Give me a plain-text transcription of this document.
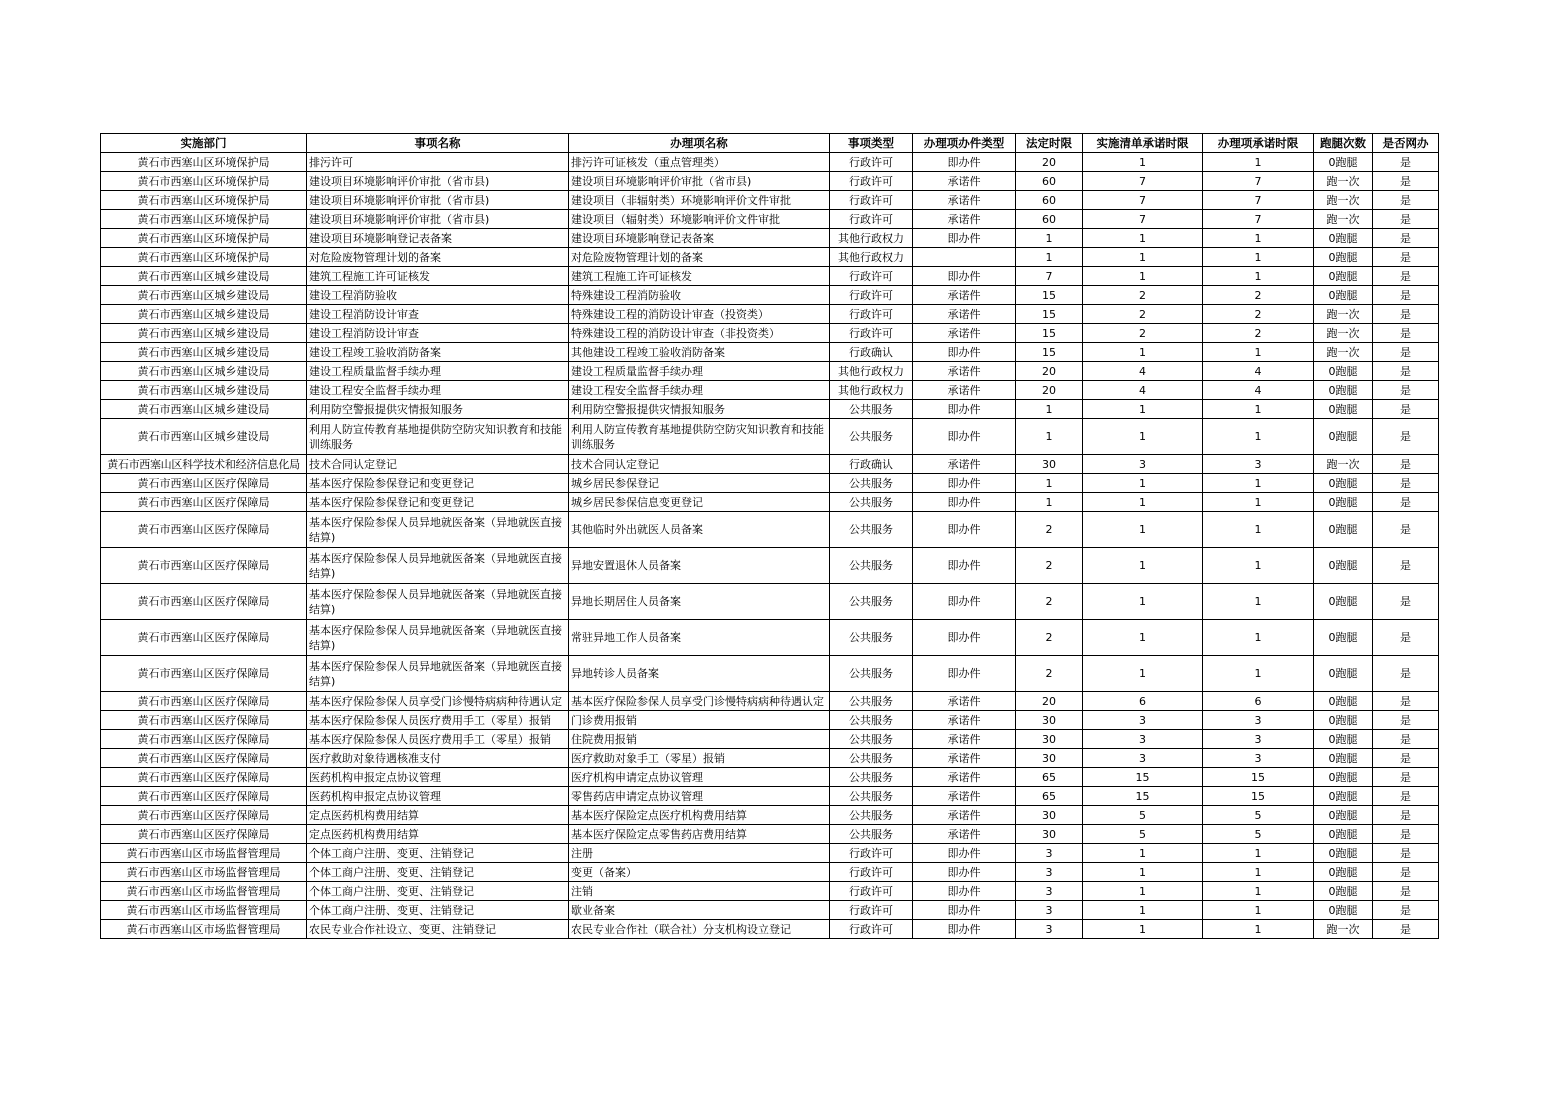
实施部门	事项名称	办理项名称	事项类型	办理项办件类型	法定时限	实施清单承诺时限	办理项承诺时限	跑腿次数	是否网办
黄石市西塞山区环境保护局	排污许可	排污许可证核发（重点管理类）	行政许可	即办件	20	1	1	0跑腿	是
黄石市西塞山区环境保护局	建设项目环境影响评价审批（省市县)	建设项目环境影响评价审批（省市县)	行政许可	承诺件	60	7	7	跑一次	是
黄石市西塞山区环境保护局	建设项目环境影响评价审批（省市县)	建设项目（非辐射类）环境影响评价文件审批	行政许可	承诺件	60	7	7	跑一次	是
黄石市西塞山区环境保护局	建设项目环境影响评价审批（省市县)	建设项目（辐射类）环境影响评价文件审批	行政许可	承诺件	60	7	7	跑一次	是
黄石市西塞山区环境保护局	建设项目环境影响登记表备案	建设项目环境影响登记表备案	其他行政权力	即办件	1	1	1	0跑腿	是
黄石市西塞山区环境保护局	对危险废物管理计划的备案	对危险废物管理计划的备案	其他行政权力		1	1	1	0跑腿	是
黄石市西塞山区城乡建设局	建筑工程施工许可证核发	建筑工程施工许可证核发	行政许可	即办件	7	1	1	0跑腿	是
黄石市西塞山区城乡建设局	建设工程消防验收	特殊建设工程消防验收	行政许可	承诺件	15	2	2	0跑腿	是
黄石市西塞山区城乡建设局	建设工程消防设计审查	特殊建设工程的消防设计审查（投资类）	行政许可	承诺件	15	2	2	跑一次	是
黄石市西塞山区城乡建设局	建设工程消防设计审查	特殊建设工程的消防设计审查（非投资类）	行政许可	承诺件	15	2	2	跑一次	是
黄石市西塞山区城乡建设局	建设工程竣工验收消防备案	其他建设工程竣工验收消防备案	行政确认	即办件	15	1	1	跑一次	是
黄石市西塞山区城乡建设局	建设工程质量监督手续办理	建设工程质量监督手续办理	其他行政权力	承诺件	20	4	4	0跑腿	是
黄石市西塞山区城乡建设局	建设工程安全监督手续办理	建设工程安全监督手续办理	其他行政权力	承诺件	20	4	4	0跑腿	是
黄石市西塞山区城乡建设局	利用防空警报提供灾情报知服务	利用防空警报提供灾情报知服务	公共服务	即办件	1	1	1	0跑腿	是
黄石市西塞山区城乡建设局	利用人防宣传教育基地提供防空防灾知识教育和技能训练服务	利用人防宣传教育基地提供防空防灾知识教育和技能训练服务	公共服务	即办件	1	1	1	0跑腿	是
黄石市西塞山区科学技术和经济信息化局	技术合同认定登记	技术合同认定登记	行政确认	承诺件	30	3	3	跑一次	是
黄石市西塞山区医疗保障局	基本医疗保险参保登记和变更登记	城乡居民参保登记	公共服务	即办件	1	1	1	0跑腿	是
黄石市西塞山区医疗保障局	基本医疗保险参保登记和变更登记	城乡居民参保信息变更登记	公共服务	即办件	1	1	1	0跑腿	是
黄石市西塞山区医疗保障局	基本医疗保险参保人员异地就医备案（异地就医直接结算)	其他临时外出就医人员备案	公共服务	即办件	2	1	1	0跑腿	是
黄石市西塞山区医疗保障局	基本医疗保险参保人员异地就医备案（异地就医直接结算)	异地安置退休人员备案	公共服务	即办件	2	1	1	0跑腿	是
黄石市西塞山区医疗保障局	基本医疗保险参保人员异地就医备案（异地就医直接结算)	异地长期居住人员备案	公共服务	即办件	2	1	1	0跑腿	是
黄石市西塞山区医疗保障局	基本医疗保险参保人员异地就医备案（异地就医直接结算)	常驻异地工作人员备案	公共服务	即办件	2	1	1	0跑腿	是
黄石市西塞山区医疗保障局	基本医疗保险参保人员异地就医备案（异地就医直接结算)	异地转诊人员备案	公共服务	即办件	2	1	1	0跑腿	是
黄石市西塞山区医疗保障局	基本医疗保险参保人员享受门诊慢特病病种待遇认定	基本医疗保险参保人员享受门诊慢特病病种待遇认定	公共服务	承诺件	20	6	6	0跑腿	是
黄石市西塞山区医疗保障局	基本医疗保险参保人员医疗费用手工（零星）报销	门诊费用报销	公共服务	承诺件	30	3	3	0跑腿	是
黄石市西塞山区医疗保障局	基本医疗保险参保人员医疗费用手工（零星）报销	住院费用报销	公共服务	承诺件	30	3	3	0跑腿	是
黄石市西塞山区医疗保障局	医疗救助对象待遇核准支付	医疗救助对象手工（零星）报销	公共服务	承诺件	30	3	3	0跑腿	是
黄石市西塞山区医疗保障局	医药机构申报定点协议管理	医疗机构申请定点协议管理	公共服务	承诺件	65	15	15	0跑腿	是
黄石市西塞山区医疗保障局	医药机构申报定点协议管理	零售药店申请定点协议管理	公共服务	承诺件	65	15	15	0跑腿	是
黄石市西塞山区医疗保障局	定点医药机构费用结算	基本医疗保险定点医疗机构费用结算	公共服务	承诺件	30	5	5	0跑腿	是
黄石市西塞山区医疗保障局	定点医药机构费用结算	基本医疗保险定点零售药店费用结算	公共服务	承诺件	30	5	5	0跑腿	是
黄石市西塞山区市场监督管理局	个体工商户注册、变更、注销登记	注册	行政许可	即办件	3	1	1	0跑腿	是
黄石市西塞山区市场监督管理局	个体工商户注册、变更、注销登记	变更（备案）	行政许可	即办件	3	1	1	0跑腿	是
黄石市西塞山区市场监督管理局	个体工商户注册、变更、注销登记	注销	行政许可	即办件	3	1	1	0跑腿	是
黄石市西塞山区市场监督管理局	个体工商户注册、变更、注销登记	歇业备案	行政许可	即办件	3	1	1	0跑腿	是
黄石市西塞山区市场监督管理局	农民专业合作社设立、变更、注销登记	农民专业合作社（联合社）分支机构设立登记	行政许可	即办件	3	1	1	跑一次	是
